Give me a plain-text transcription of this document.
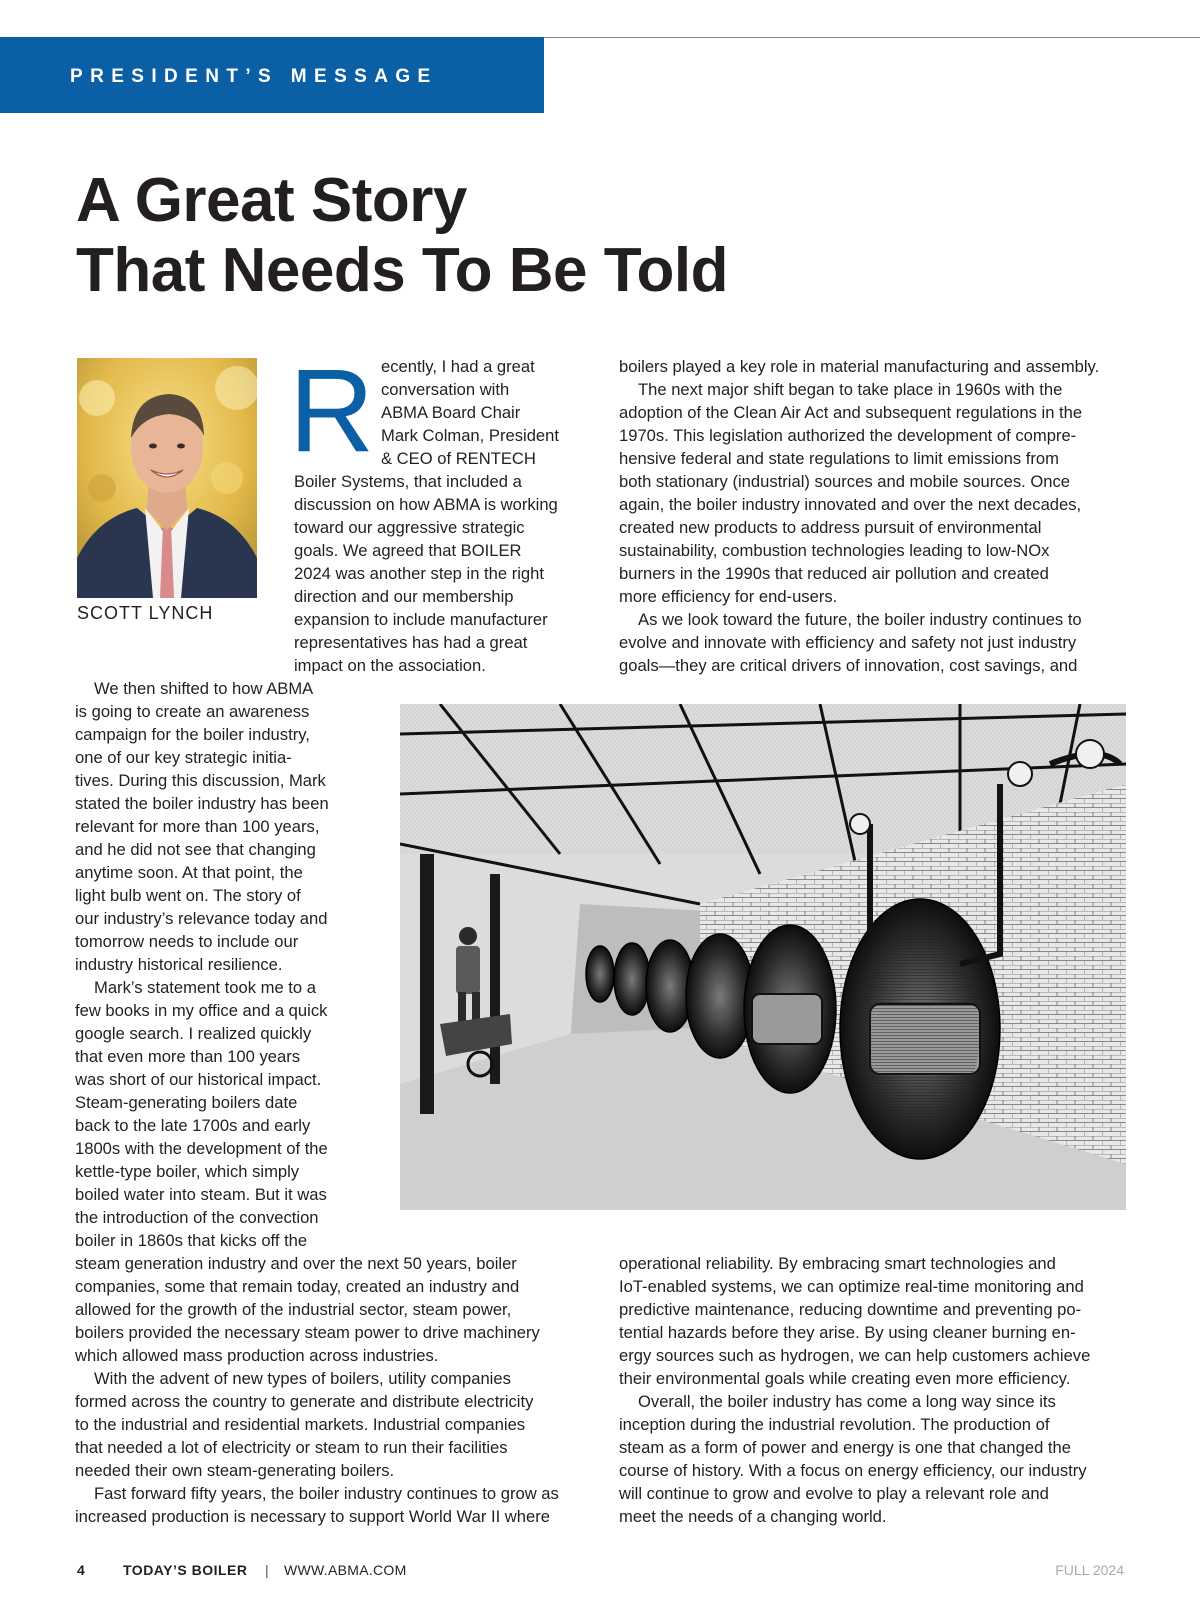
PRESIDENT’S MESSAGE
A Great Story
That Needs To Be Told
SCOTT LYNCH
R ecently, I had a great
conversation with
ABMA Board Chair
Mark Colman, President
& CEO of RENTECH
Boiler Systems, that included a
discussion on how ABMA is working
toward our aggressive strategic
goals. We agreed that BOILER
2024 was another step in the right
direction and our membership
expansion to include manufacturer
representatives has had a great
impact on the association.
We then shifted to how ABMA
is going to create an awareness
campaign for the boiler industry,
one of our key strategic initia-
tives. During this discussion, Mark
stated the boiler industry has been
relevant for more than 100 years,
and he did not see that changing
anytime soon. At that point, the
light bulb went on. The story of
our industry’s relevance today and
tomorrow needs to include our
industry historical resilience.
Mark’s statement took me to a
few books in my office and a quick
google search. I realized quickly
that even more than 100 years
was short of our historical impact.
Steam-generating boilers date
back to the late 1700s and early
1800s with the development of the
kettle-type boiler, which simply
boiled water into steam. But it was
the introduction of the convection
boiler in 1860s that kicks off the
steam generation industry and over the next 50 years, boiler
companies, some that remain today, created an industry and
allowed for the growth of the industrial sector, steam power,
boilers provided the necessary steam power to drive machinery
which allowed mass production across industries.
With the advent of new types of boilers, utility companies
formed across the country to generate and distribute electricity
to the industrial and residential markets. Industrial companies
that needed a lot of electricity or steam to run their facilities
needed their own steam-generating boilers.
Fast forward fifty years, the boiler industry continues to grow as
increased production is necessary to support World War II where
boilers played a key role in material manufacturing and assembly.
The next major shift began to take place in 1960s with the
adoption of the Clean Air Act and subsequent regulations in the
1970s. This legislation authorized the development of compre-
hensive federal and state regulations to limit emissions from
both stationary (industrial) sources and mobile sources. Once
again, the boiler industry innovated and over the next decades,
created new products to address pursuit of environmental
sustainability, combustion technologies leading to low-NOx
burners in the 1990s that reduced air pollution and created
more efficiency for end-users.
As we look toward the future, the boiler industry continues to
evolve and innovate with efficiency and safety not just industry
goals—they are critical drivers of innovation, cost savings, and
operational reliability. By embracing smart technologies and
IoT-enabled systems, we can optimize real-time monitoring and
predictive maintenance, reducing downtime and preventing po-
tential hazards before they arise. By using cleaner burning en-
ergy sources such as hydrogen, we can help customers achieve
their environmental goals while creating even more efficiency.
Overall, the boiler industry has come a long way since its
inception during the industrial revolution. The production of
steam as a form of power and energy is one that changed the
course of history. With a focus on energy efficiency, our industry
will continue to grow and evolve to play a relevant role and
meet the needs of a changing world.
4	TODAY’S BOILER | WWW.ABMA.COM	FULL 2024
